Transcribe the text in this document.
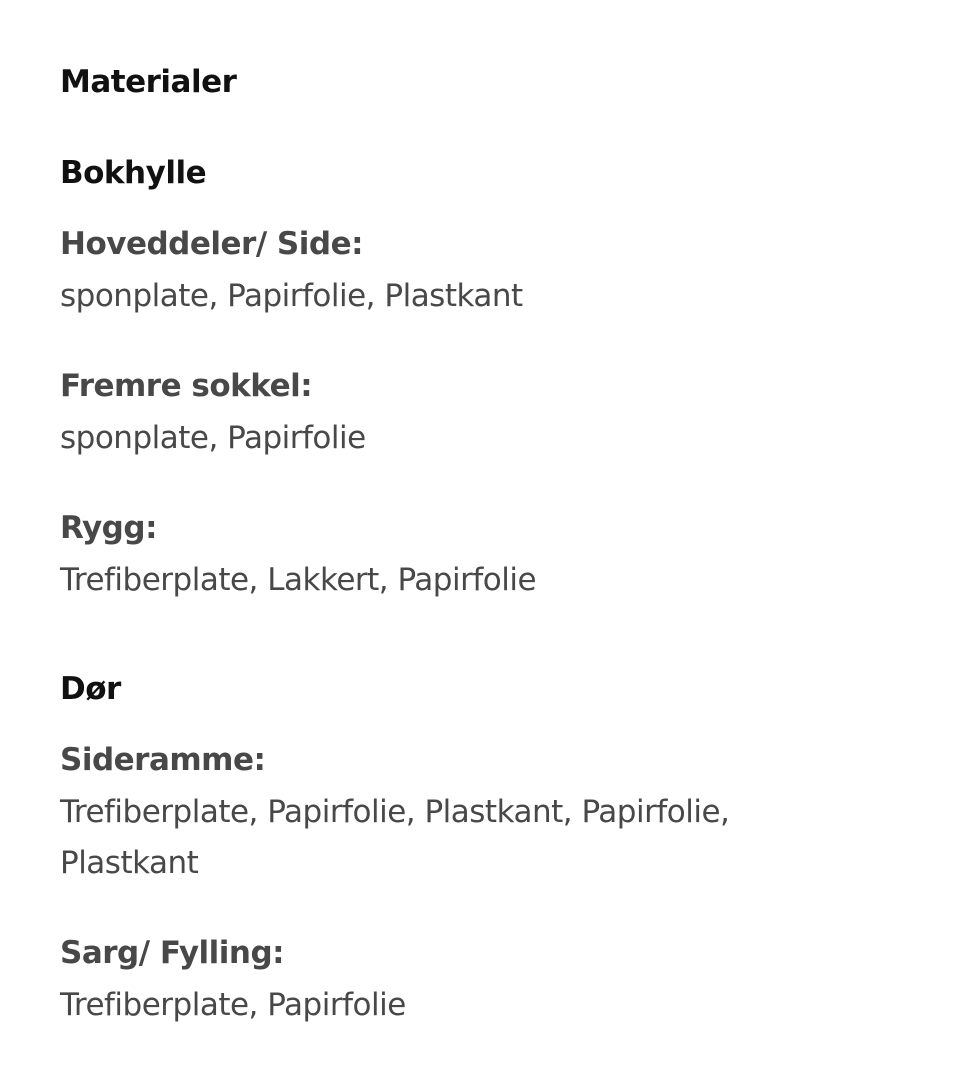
Materialer
Bokhylle
Hoveddeler/ Side:
sponplate, Papirfolie, Plastkant
Fremre sokkel:
sponplate, Papirfolie
Rygg:
Trefiberplate, Lakkert, Papirfolie
Dør
Sideramme:
Trefiberplate, Papirfolie, Plastkant, Papirfolie, Plastkant
Sarg/ Fylling:
Trefiberplate, Papirfolie
